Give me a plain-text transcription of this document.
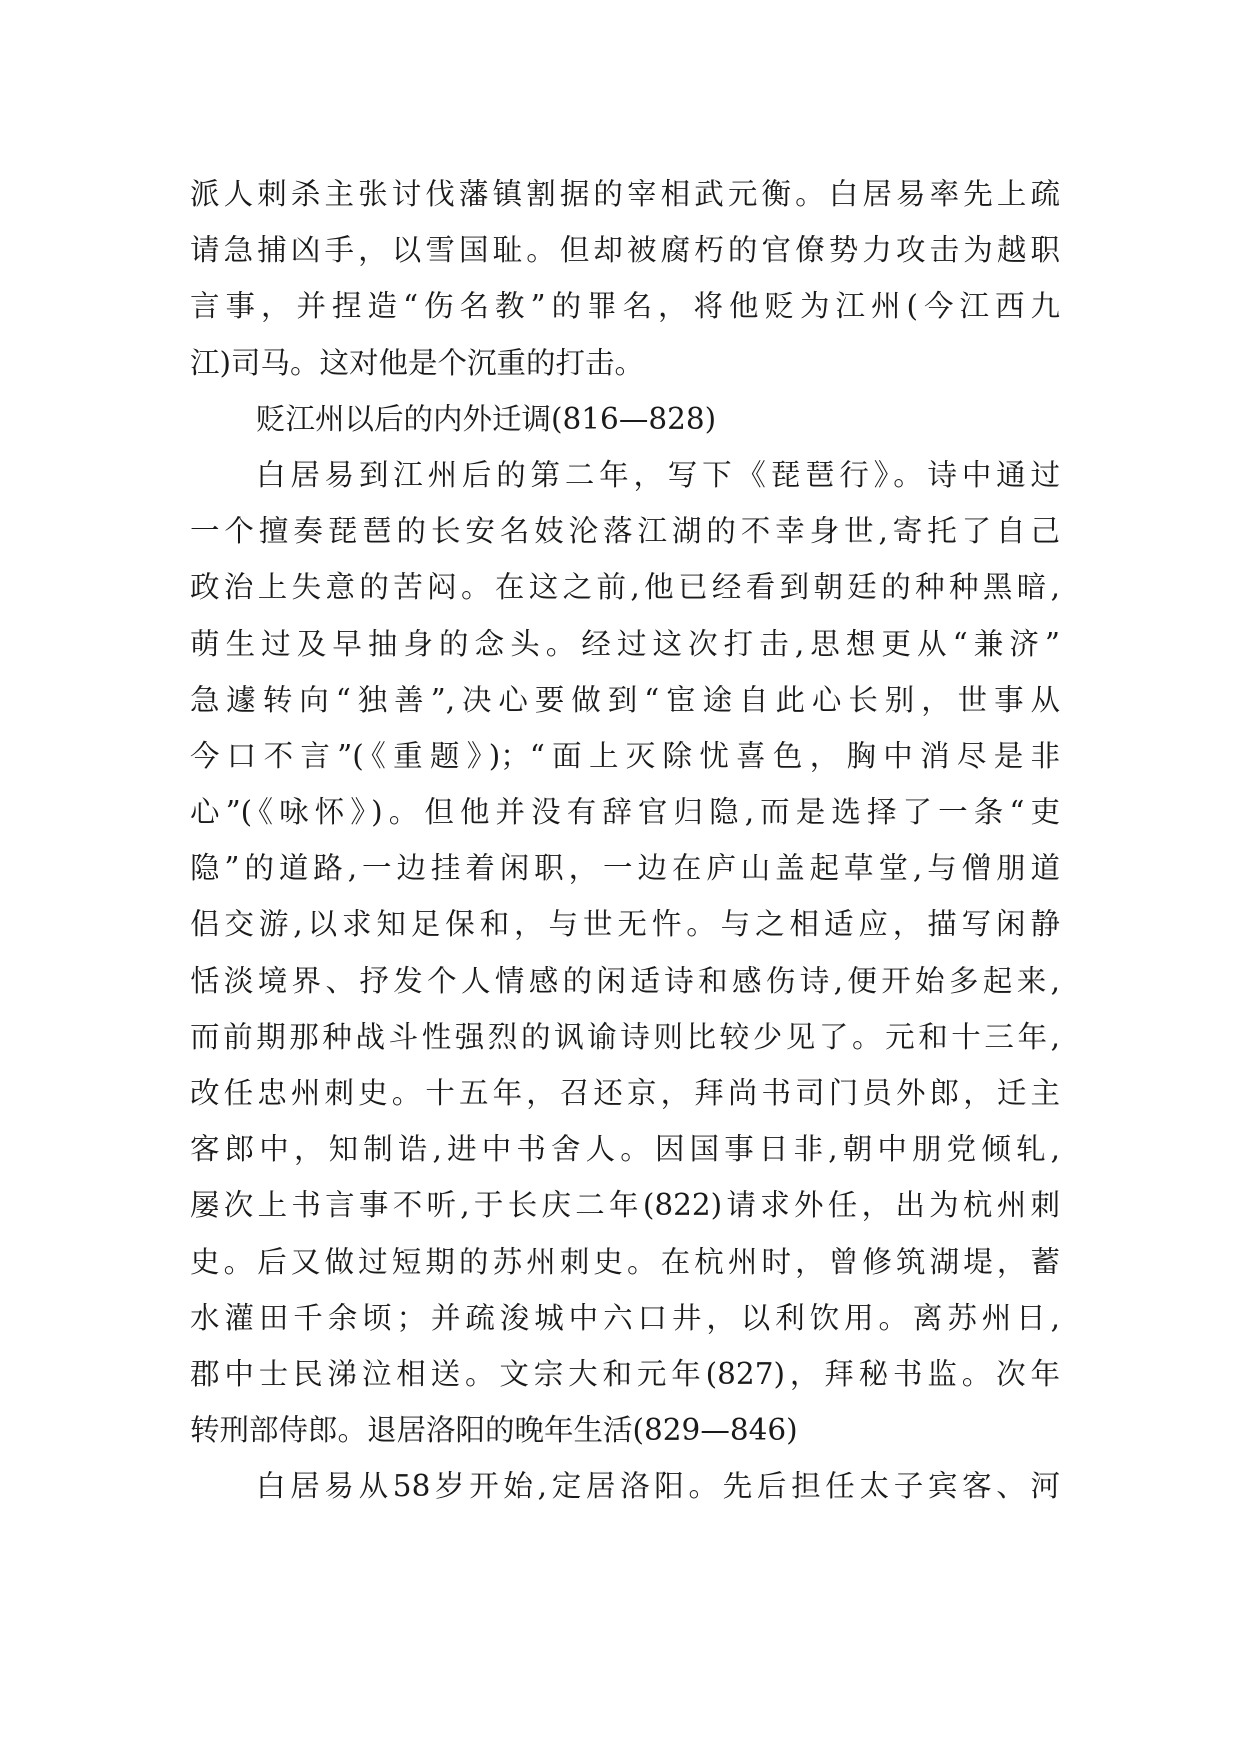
派人刺杀主张讨伐藩镇割据的宰相武元衡。白居易率先上疏
请急捕凶手，以雪国耻。但却被腐朽的官僚势力攻击为越职
言事，并捏造“伤名教”的罪名，将他贬为江州(今江西九
江)司马。这对他是个沉重的打击。
贬江州以后的内外迁调(816—828)
白居易到江州后的第二年，写下《琵琶行》。诗中通过
一个擅奏琵琶的长安名妓沦落江湖的不幸身世,寄托了自己
政治上失意的苦闷。在这之前,他已经看到朝廷的种种黑暗,
萌生过及早抽身的念头。经过这次打击,思想更从“兼济”
急遽转向“独善”,决心要做到“宦途自此心长别，世事从
今口不言”(《重题》)；“面上灭除忧喜色，胸中消尽是非
心”(《咏怀》)。但他并没有辞官归隐,而是选择了一条“吏
隐”的道路,一边挂着闲职，一边在庐山盖起草堂,与僧朋道
侣交游,以求知足保和，与世无忤。与之相适应，描写闲静
恬淡境界、抒发个人情感的闲适诗和感伤诗,便开始多起来,
而前期那种战斗性强烈的讽谕诗则比较少见了。元和十三年,
改任忠州刺史。十五年，召还京，拜尚书司门员外郎，迁主
客郎中，知制诰,进中书舍人。因国事日非,朝中朋党倾轧,
屡次上书言事不听,于长庆二年(822)请求外任，出为杭州刺
史。后又做过短期的苏州刺史。在杭州时，曾修筑湖堤，蓄
水灌田千余顷；并疏浚城中六口井，以利饮用。离苏州日,
郡中士民涕泣相送。文宗大和元年(827)，拜秘书监。次年
转刑部侍郎。退居洛阳的晚年生活(829—846)
白居易从58岁开始,定居洛阳。先后担任太子宾客、河
